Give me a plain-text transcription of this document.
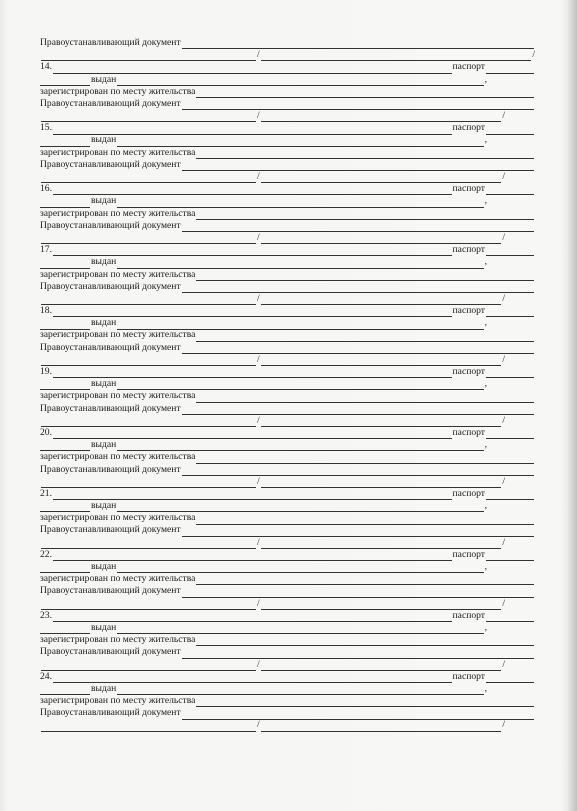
Правоустанавливающий документ
/	/
14.	паспорт
выдан	,
зарегистрирован по месту жительства
Правоустанавливающий документ
/	/
15.	паспорт
выдан	,
зарегистрирован по месту жительства
Правоустанавливающий документ
/	/
16.	паспорт
выдан	,
зарегистрирован по месту жительства
Правоустанавливающий документ
/	/
17.	паспорт
выдан	,
зарегистрирован по месту жительства
Правоустанавливающий документ
/	/
18.	паспорт
выдан	,
зарегистрирован по месту жительства
Правоустанавливающий документ
/	/
19.	паспорт
выдан	,
зарегистрирован по месту жительства
Правоустанавливающий документ
/	/
20.	паспорт
выдан	,
зарегистрирован по месту жительства
Правоустанавливающий документ
/	/
21.	паспорт
выдан	,
зарегистрирован по месту жительства
Правоустанавливающий документ
/	/
22.	паспорт
выдан	,
зарегистрирован по месту жительства
Правоустанавливающий документ
/	/
23.	паспорт
выдан	,
зарегистрирован по месту жительства
Правоустанавливающий документ
/	/
24.	паспорт
выдан	,
зарегистрирован по месту жительства
Правоустанавливающий документ
/	/
